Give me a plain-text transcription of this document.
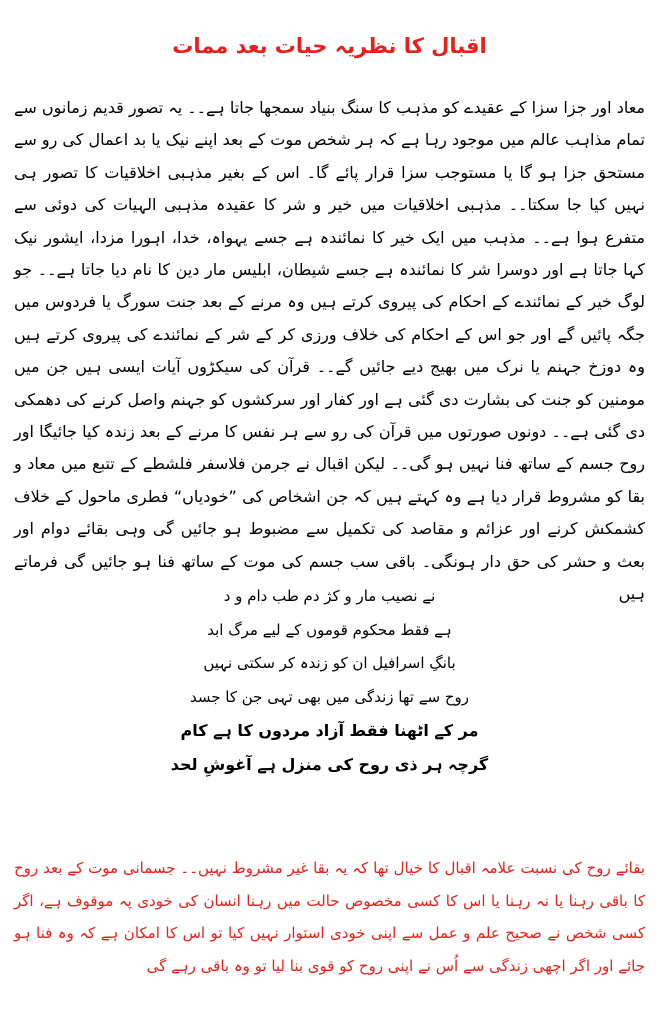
اقبال کا نظریہ حیات بعد ممات

معاد اور جزا سزا کے عقیدے کو مذہب کا سنگ بنیاد سمجھا جاتا ہے۔۔ یہ تصور قدیم زمانوں سے تمام مذاہب عالم میں موجود رہا ہے کہ ہر شخص موت کے بعد اپنے نیک یا بد اعمال کی رو سے مستحق جزا ہو گا یا مستوجب سزا قرار پائے گا۔ اس کے بغیر مذہبی اخلاقیات کا تصور ہی نہیں کیا جا سکتا۔۔ مذہبی اخلاقیات میں خیر و شر کا عقیدہ مذہبی الہیات کی دوئی سے متفرع ہوا ہے۔۔ مذہب میں ایک خیر کا نمائندہ ہے جسے یہواہ، خدا، اہورا مزدا، ایشور نیک کہا جاتا ہے اور دوسرا شر کا نمائندہ ہے جسے شیطان، ابلیس مار دین کا نام دیا جاتا ہے۔۔ جو لوگ خیر کے نمائندے کے احکام کی پیروی کرتے ہیں وہ مرنے کے بعد جنت سورگ یا فردوس میں جگہ پائیں گے اور جو اس کے احکام کی خلاف ورزی کر کے شر کے نمائندے کی پیروی کرتے ہیں وہ دوزخ جہنم یا نرک میں بھیج دیے جائیں گے۔۔ قرآن کی سیکڑوں آیات ایسی ہیں جن میں مومنین کو جنت کی بشارت دی گئی ہے اور کفار اور سرکشوں کو جہنم واصل کرنے کی دھمکی دی گئی ہے۔۔ دونوں صورتوں میں قرآن کی رو سے ہر نفس کا مرنے کے بعد زندہ کیا جائیگا اور روح جسم کے ساتھ فنا نہیں ہو گی۔۔ لیکن اقبال نے جرمن فلاسفر فلشطے کے تتبع میں معاد و بقا کو مشروط قرار دیا ہے وہ کہتے ہیں کہ جن اشخاص کی ”خودیاں“ فطری ماحول کے خلاف کشمکش کرنے اور عزائم و مقاصد کی تکمیل سے مضبوط ہو جائیں گی وہی بقائے دوام اور بعث و حشر کی حق دار ہونگی۔ باقی سب جسم کی موت کے ساتھ فنا ہو جائیں گی فرماتے ہیں

نے نصیب مار و کژ دم طب دام و د
ہے فقط محکوم قوموں کے لیے مرگ ابد
بانگِ اسرافیل ان کو زندہ کر سکتی نہیں
روح سے تھا زندگی میں بھی تہی جن کا جسد
مر کے اٹھنا فقط آزاد مردوں کا ہے کام
گرچہ ہر ذی روح کی منزل ہے آغوشِ لحد

بقائے روح کی نسبت علامہ اقبال کا خیال تھا کہ یہ بقا غیر مشروط نہیں۔۔ جسمانی موت کے بعد روح کا باقی رہنا یا نہ رہنا یا اس کا کسی مخصوص حالت میں رہنا انسان کی خودی پہ موقوف ہے، اگر کسی شخص نے صحیح علم و عمل سے اپنی خودی استوار نہیں کیا تو اس کا امکان ہے کہ وہ فنا ہو جائے اور اگر اچھی زندگی سے اُس نے اپنی روح کو قوی بنا لیا تو وہ باقی رہے گی
